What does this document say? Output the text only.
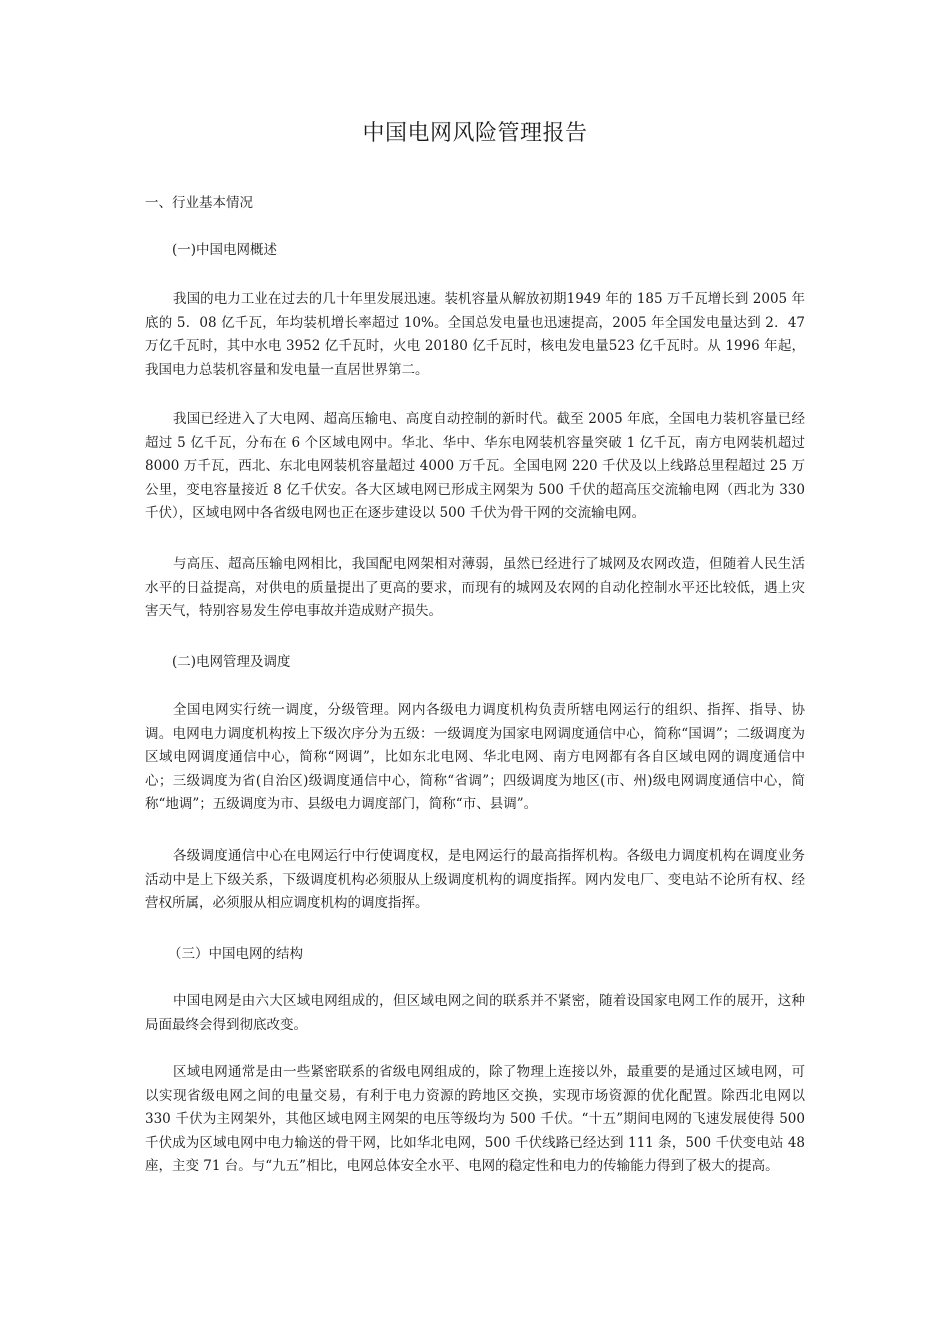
中国电网风险管理报告

一、行业基本情况

(一)中国电网概述

我国的电力工业在过去的几十年里发展迅速。装机容量从解放初期1949 年的 185 万千瓦增长到 2005 年底的 5．08 亿千瓦，年均装机增长率超过 10%。全国总发电量也迅速提高，2005 年全国发电量达到 2．47 万亿千瓦时，其中水电 3952 亿千瓦时，火电 20180 亿千瓦时，核电发电量523 亿千瓦时。从 1996 年起，我国电力总装机容量和发电量一直居世界第二。

我国已经进入了大电网、超高压输电、高度自动控制的新时代。截至 2005 年底，全国电力装机容量已经超过 5 亿千瓦，分布在 6 个区域电网中。华北、华中、华东电网装机容量突破 1 亿千瓦，南方电网装机超过 8000 万千瓦，西北、东北电网装机容量超过 4000 万千瓦。全国电网 220 千伏及以上线路总里程超过 25 万公里，变电容量接近 8 亿千伏安。各大区域电网已形成主网架为 500 千伏的超高压交流输电网（西北为 330 千伏），区域电网中各省级电网也正在逐步建设以 500 千伏为骨干网的交流输电网。

与高压、超高压输电网相比，我国配电网架相对薄弱，虽然已经进行了城网及农网改造，但随着人民生活水平的日益提高，对供电的质量提出了更高的要求，而现有的城网及农网的自动化控制水平还比较低，遇上灾害天气，特别容易发生停电事故并造成财产损失。

(二)电网管理及调度

全国电网实行统一调度，分级管理。网内各级电力调度机构负责所辖电网运行的组织、指挥、指导、协调。电网电力调度机构按上下级次序分为五级：一级调度为国家电网调度通信中心，简称“国调”；二级调度为区域电网调度通信中心，简称“网调”，比如东北电网、华北电网、南方电网都有各自区域电网的调度通信中心；三级调度为省(自治区)级调度通信中心，简称“省调”；四级调度为地区(市、州)级电网调度通信中心，简称“地调”；五级调度为市、县级电力调度部门，简称“市、县调”。

各级调度通信中心在电网运行中行使调度权，是电网运行的最高指挥机构。各级电力调度机构在调度业务活动中是上下级关系，下级调度机构必须服从上级调度机构的调度指挥。网内发电厂、变电站不论所有权、经营权所属，必须服从相应调度机构的调度指挥。

（三）中国电网的结构

中国电网是由六大区域电网组成的，但区域电网之间的联系并不紧密，随着设国家电网工作的展开，这种局面最终会得到彻底改变。

区域电网通常是由一些紧密联系的省级电网组成的，除了物理上连接以外，最重要的是通过区域电网，可以实现省级电网之间的电量交易，有利于电力资源的跨地区交换，实现市场资源的优化配置。除西北电网以 330 千伏为主网架外，其他区域电网主网架的电压等级均为 500 千伏。“十五”期间电网的飞速发展使得 500 千伏成为区域电网中电力输送的骨干网，比如华北电网，500 千伏线路已经达到 111 条，500 千伏变电站 48 座，主变 71 台。与“九五”相比，电网总体安全水平、电网的稳定性和电力的传输能力得到了极大的提高。
